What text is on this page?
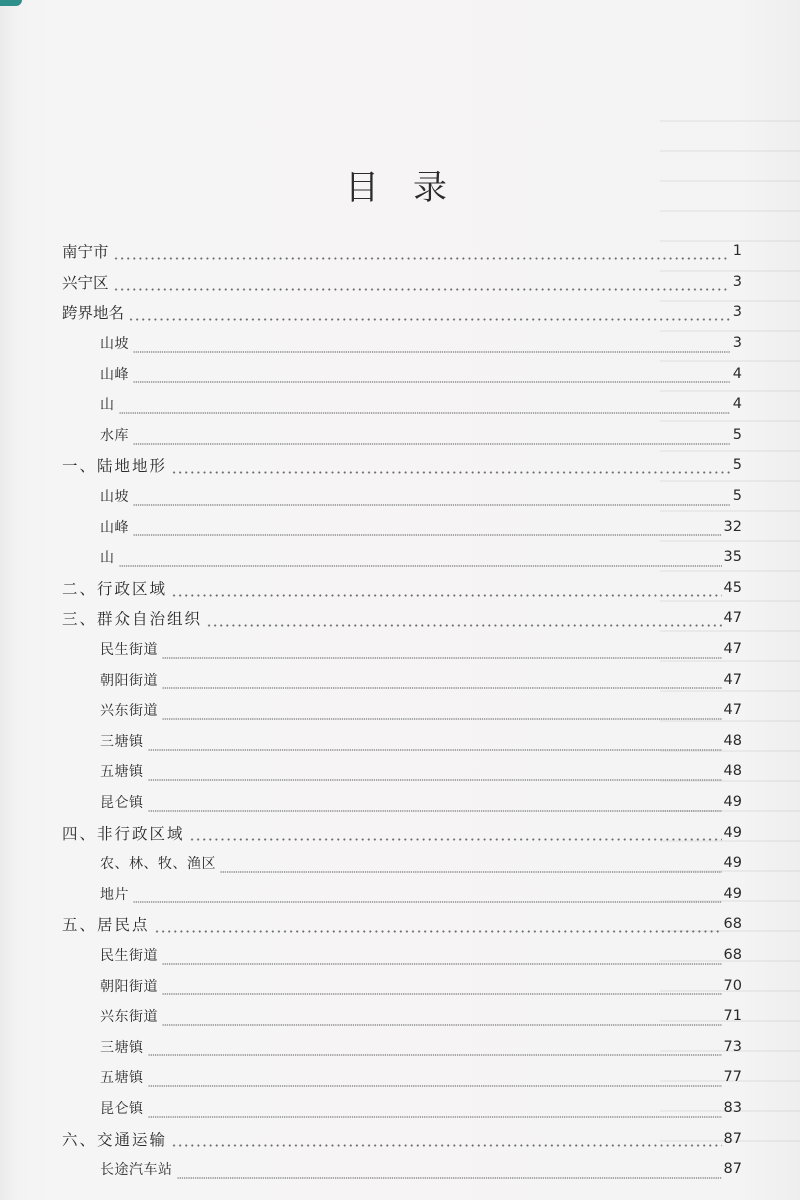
目录
南宁市	1
兴宁区	3
跨界地名	3
山坡	3
山峰	4
山	4
水库	5
一、陆地地形	5
山坡	5
山峰	32
山	35
二、行政区域	45
三、群众自治组织	47
民生街道	47
朝阳街道	47
兴东街道	47
三塘镇	48
五塘镇	48
昆仑镇	49
四、非行政区域	49
农、林、牧、渔区	49
地片	49
五、居民点	68
民生街道	68
朝阳街道	70
兴东街道	71
三塘镇	73
五塘镇	77
昆仑镇	83
六、交通运输	87
长途汽车站	87
